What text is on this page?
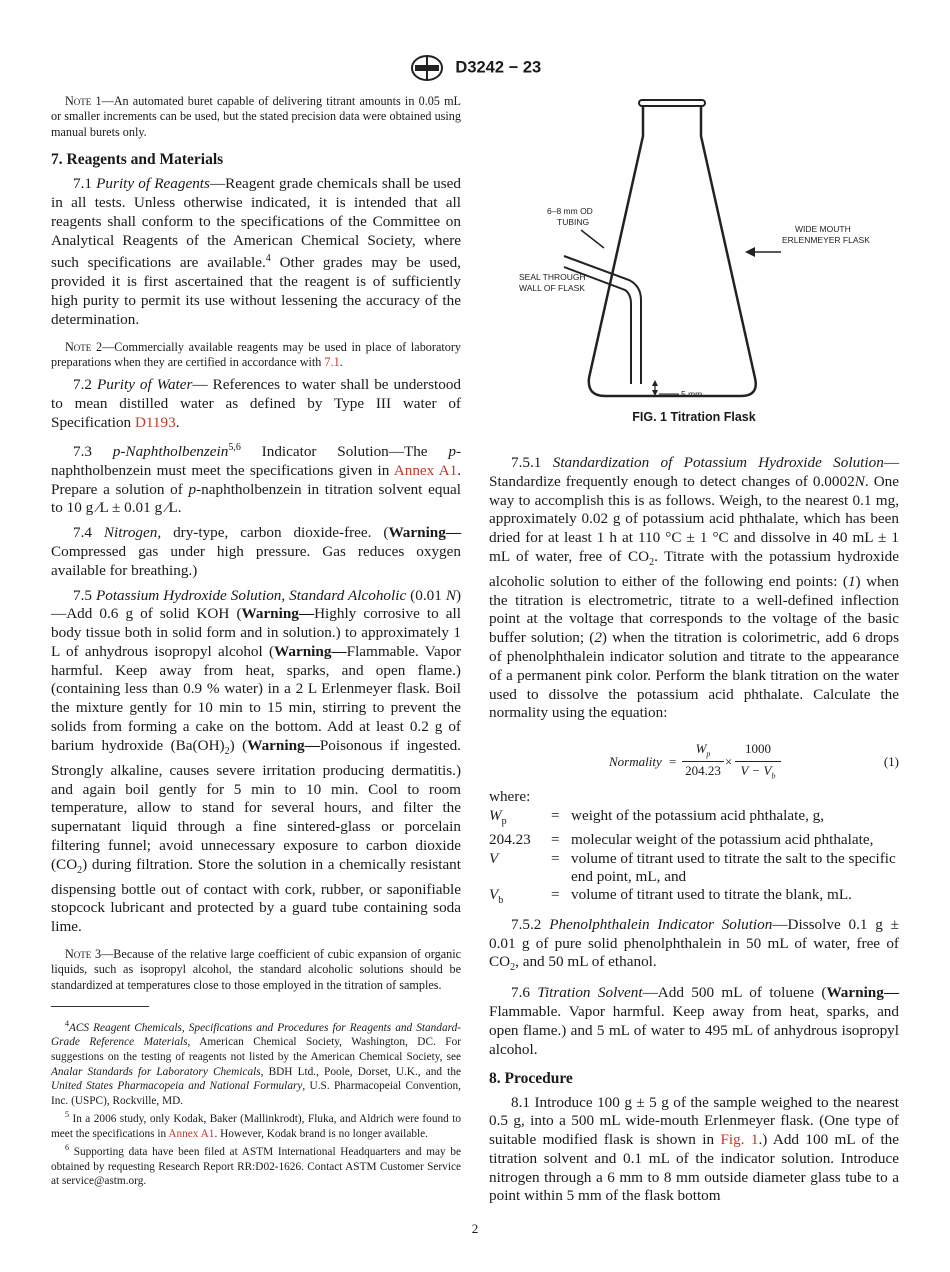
D3242 − 23

Note 1—An automated buret capable of delivering titrant amounts in 0.05 mL or smaller increments can be used, but the stated precision data were obtained using manual burets only.

7. Reagents and Materials

7.1 Purity of Reagents—Reagent grade chemicals shall be used in all tests. Unless otherwise indicated, it is intended that all reagents shall conform to the specifications of the Committee on Analytical Reagents of the American Chemical Society, where such specifications are available.$^4$ Other grades may be used, provided it is first ascertained that the reagent is of sufficiently high purity to permit its use without lessening the accuracy of the determination.

Note 2—Commercially available reagents may be used in place of laboratory preparations when they are certified in accordance with 7.1.

7.2 Purity of Water— References to water shall be understood to mean distilled water as defined by Type III water of Specification D1193.

7.3 p-Naphtholbenzein$^{5,6}$ Indicator Solution—The p-naphtholbenzein must meet the specifications given in Annex A1. Prepare a solution of p-naphtholbenzein in titration solvent equal to 10 g ⁄L ± 0.01 g ⁄L.

7.4 Nitrogen, dry-type, carbon dioxide-free. (Warning—Compressed gas under high pressure. Gas reduces oxygen available for breathing.)

7.5 Potassium Hydroxide Solution, Standard Alcoholic (0.01 N)—Add 0.6 g of solid KOH (Warning—Highly corrosive to all body tissue both in solid form and in solution.) to approximately 1 L of anhydrous isopropyl alcohol (Warning—Flammable. Vapor harmful. Keep away from heat, sparks, and open flame.) (containing less than 0.9 % water) in a 2 L Erlenmeyer flask. Boil the mixture gently for 10 min to 15 min, stirring to prevent the solids from forming a cake on the bottom. Add at least 0.2 g of barium hydroxide $(Ba(OH)_2)$ (Warning—Poisonous if ingested. Strongly alkaline, causes severe irritation producing dermatitis.) and again boil gently for 5 min to 10 min. Cool to room temperature, allow to stand for several hours, and filter the supernatant liquid through a fine sintered-glass or porcelain filtering funnel; avoid unnecessary exposure to carbon dioxide $(CO_2)$ during filtration. Store the solution in a chemically resistant dispensing bottle out of contact with cork, rubber, or saponifiable stopcock lubricant and protected by a guard tube containing soda lime.

Note 3—Because of the relative large coefficient of cubic expansion of organic liquids, such as isopropyl alcohol, the standard alcoholic solutions should be standardized at temperatures close to those employed in the titration of samples.

$^4$ACS Reagent Chemicals, Specifications and Procedures for Reagents and Standard-Grade Reference Materials, American Chemical Society, Washington, DC. For suggestions on the testing of reagents not listed by the American Chemical Society, see Analar Standards for Laboratory Chemicals, BDH Ltd., Poole, Dorset, U.K., and the United States Pharmacopeia and National Formulary, U.S. Pharmacopeial Convention, Inc. (USPC), Rockville, MD.

$^5$ In a 2006 study, only Kodak, Baker (Mallinkrodt), Fluka, and Aldrich were found to meet the specifications in Annex A1. However, Kodak brand is no longer available.

$^6$ Supporting data have been filed at ASTM International Headquarters and may be obtained by requesting Research Report RR:D02-1626. Contact ASTM Customer Service at service@astm.org.

6–8 mm OD
TUBING
WIDE MOUTH
ERLENMEYER FLASK
SEAL THROUGH
WALL OF FLASK
5 mm
FIG. 1 Titration Flask

7.5.1 Standardization of Potassium Hydroxide Solution—Standardize frequently enough to detect changes of 0.0002N. One way to accomplish this is as follows. Weigh, to the nearest 0.1 mg, approximately 0.02 g of potassium acid phthalate, which has been dried for at least 1 h at 110 °C ± 1 °C and dissolve in 40 mL ± 1 mL of water, free of $CO_2$. Titrate with the potassium hydroxide alcoholic solution to either of the following end points: (1) when the titration is electrometric, titrate to a well-defined inflection point at the voltage that corresponds to the voltage of the basic buffer solution; (2) when the titration is colorimetric, add 6 drops of phenolphthalein indicator solution and titrate to the appearance of a permanent pink color. Perform the blank titration on the water used to dissolve the potassium acid phthalate. Calculate the normality using the equation:

Normality =
$W_p$
204.23
×
1000
$V - V_b$
(1)

where:

$W_p$	=	weight of the potassium acid phthalate, g,
204.23	=	molecular weight of the potassium acid phthalate,
V	=	volume of titrant used to titrate the salt to the specific end point, mL, and
$V_b$	=	volume of titrant used to titrate the blank, mL.

7.5.2 Phenolphthalein Indicator Solution—Dissolve 0.1 g ± 0.01 g of pure solid phenolphthalein in 50 mL of water, free of $CO_2$, and 50 mL of ethanol.

7.6 Titration Solvent—Add 500 mL of toluene (Warning—Flammable. Vapor harmful. Keep away from heat, sparks, and open flame.) and 5 mL of water to 495 mL of anhydrous isopropyl alcohol.

8. Procedure

8.1 Introduce 100 g ± 5 g of the sample weighed to the nearest 0.5 g, into a 500 mL wide-mouth Erlenmeyer flask. (One type of suitable modified flask is shown in Fig. 1.) Add 100 mL of the titration solvent and 0.1 mL of the indicator solution. Introduce nitrogen through a 6 mm to 8 mm outside diameter glass tube to a point within 5 mm of the flask bottom

2
